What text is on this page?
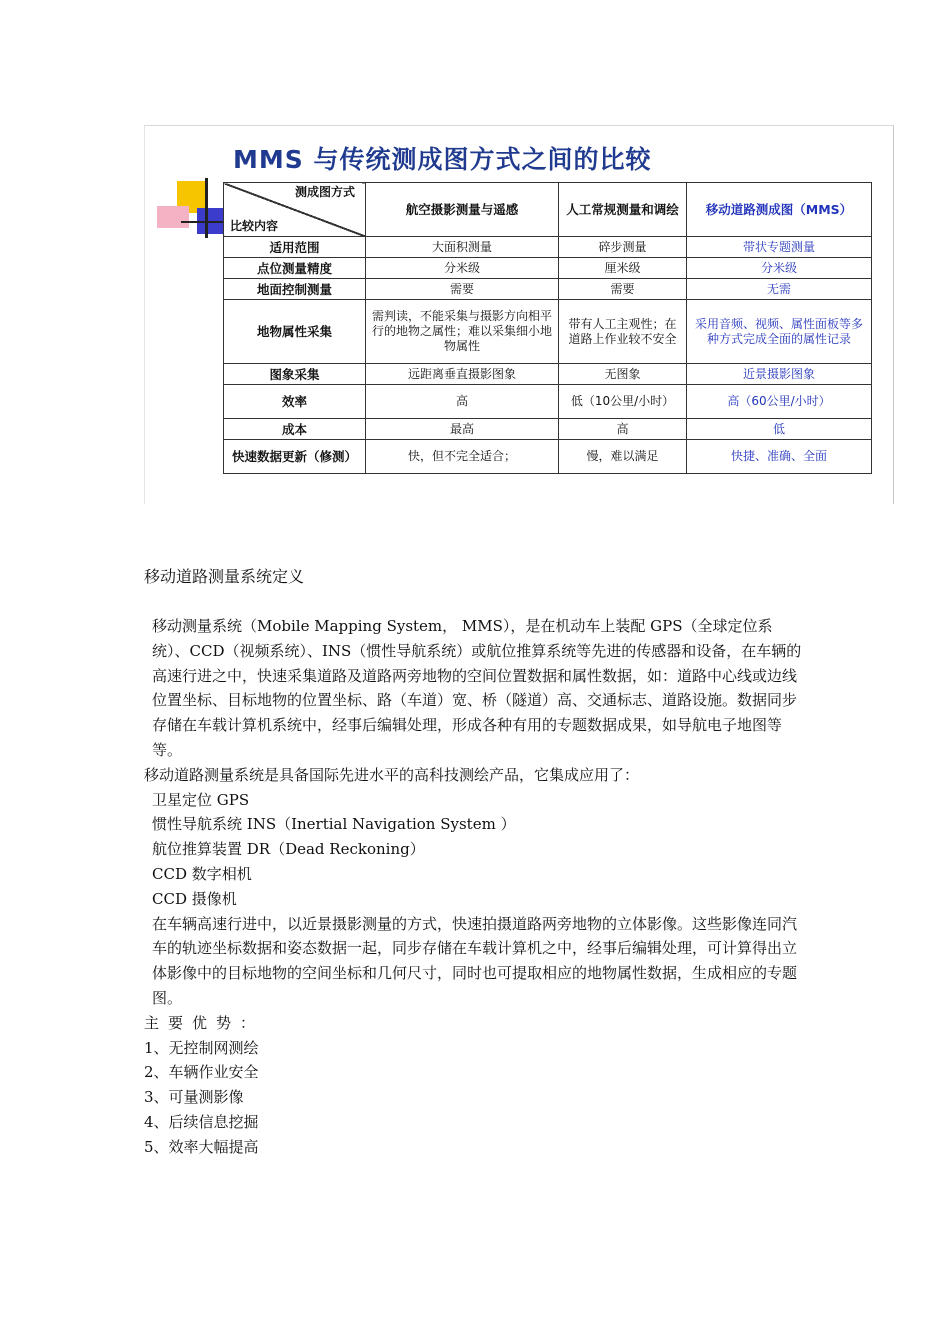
MMS 与传统测成图方式之间的比较
测成图方式
比较内容	航空摄影测量与遥感	人工常规测量和调绘	移动道路测成图（MMS）
适用范围	大面积测量	碎步测量	带状专题测量
点位测量精度	分米级	厘米级	分米级
地面控制测量	需要	需要	无需
地物属性采集	需判读，不能采集与摄影方向相平行的地物之属性；难以采集细小地物属性	带有人工主观性；在道路上作业较不安全	采用音频、视频、属性面板等多种方式完成全面的属性记录
图象采集	远距离垂直摄影图象	无图象	近景摄影图象
效率	高	低（10公里/小时）	高（60公里/小时）
成本	最高	高	低
快速数据更新（修测）	快，但不完全适合；	慢，难以满足	快捷、准确、全面
移动道路测量系统定义

移动测量系统（Mobile Mapping System， MMS），是在机动车上装配 GPS（全球定位系统）、CCD（视频系统）、INS（惯性导航系统）或航位推算系统等先进的传感器和设备，在车辆的高速行进之中，快速采集道路及道路两旁地物的空间位置数据和属性数据，如：道路中心线或边线位置坐标、目标地物的位置坐标、路（车道）宽、桥（隧道）高、交通标志、道路设施。数据同步存储在车载计算机系统中，经事后编辑处理，形成各种有用的专题数据成果，如导航电子地图等等。

移动道路测量系统是具备国际先进水平的高科技测绘产品，它集成应用了：

卫星定位 GPS

惯性导航系统 INS（Inertial Navigation System ）

航位推算装置 DR（Dead Reckoning）

CCD 数字相机

CCD 摄像机

在车辆高速行进中，以近景摄影测量的方式，快速拍摄道路两旁地物的立体影像。这些影像连同汽车的轨迹坐标数据和姿态数据一起，同步存储在车载计算机之中，经事后编辑处理，可计算得出立体影像中的目标地物的空间坐标和几何尺寸，同时也可提取相应的地物属性数据，生成相应的专题图。

主要优势：

1、无控制网测绘

2、车辆作业安全

3、可量测影像

4、后续信息挖掘

5、效率大幅提高
